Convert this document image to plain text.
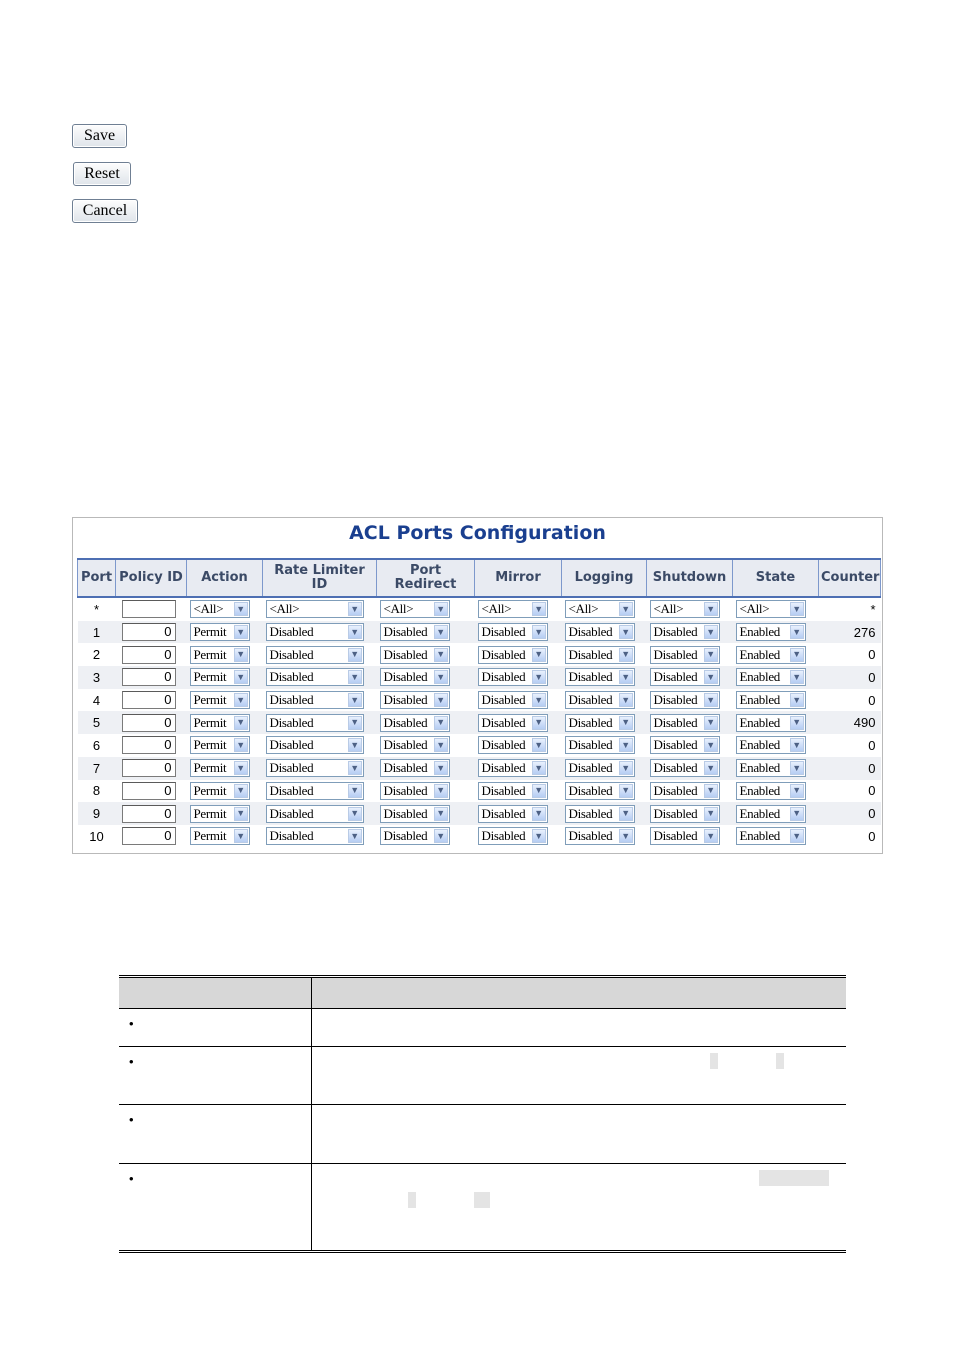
Save
Reset
Cancel
ACL Ports Configuration
Port	Policy ID	Action	Rate Limiter ID	Port Redirect	Mirror	Logging	Shutdown	State	Counter
*		<All> ▼	<All> ▼	<All> ▼	<All> ▼	<All> ▼	<All> ▼	<All> ▼	*
1	0	Permit ▼	Disabled ▼	Disabled ▼	Disabled ▼	Disabled ▼	Disabled ▼	Enabled ▼	276
2	0	Permit ▼	Disabled ▼	Disabled ▼	Disabled ▼	Disabled ▼	Disabled ▼	Enabled ▼	0
3	0	Permit ▼	Disabled ▼	Disabled ▼	Disabled ▼	Disabled ▼	Disabled ▼	Enabled ▼	0
4	0	Permit ▼	Disabled ▼	Disabled ▼	Disabled ▼	Disabled ▼	Disabled ▼	Enabled ▼	0
5	0	Permit ▼	Disabled ▼	Disabled ▼	Disabled ▼	Disabled ▼	Disabled ▼	Enabled ▼	490
6	0	Permit ▼	Disabled ▼	Disabled ▼	Disabled ▼	Disabled ▼	Disabled ▼	Enabled ▼	0
7	0	Permit ▼	Disabled ▼	Disabled ▼	Disabled ▼	Disabled ▼	Disabled ▼	Enabled ▼	0
8	0	Permit ▼	Disabled ▼	Disabled ▼	Disabled ▼	Disabled ▼	Disabled ▼	Enabled ▼	0
9	0	Permit ▼	Disabled ▼	Disabled ▼	Disabled ▼	Disabled ▼	Disabled ▼	Enabled ▼	0
10	0	Permit ▼	Disabled ▼	Disabled ▼	Disabled ▼	Disabled ▼	Disabled ▼	Enabled ▼	0

•	
•	
•	
•	
